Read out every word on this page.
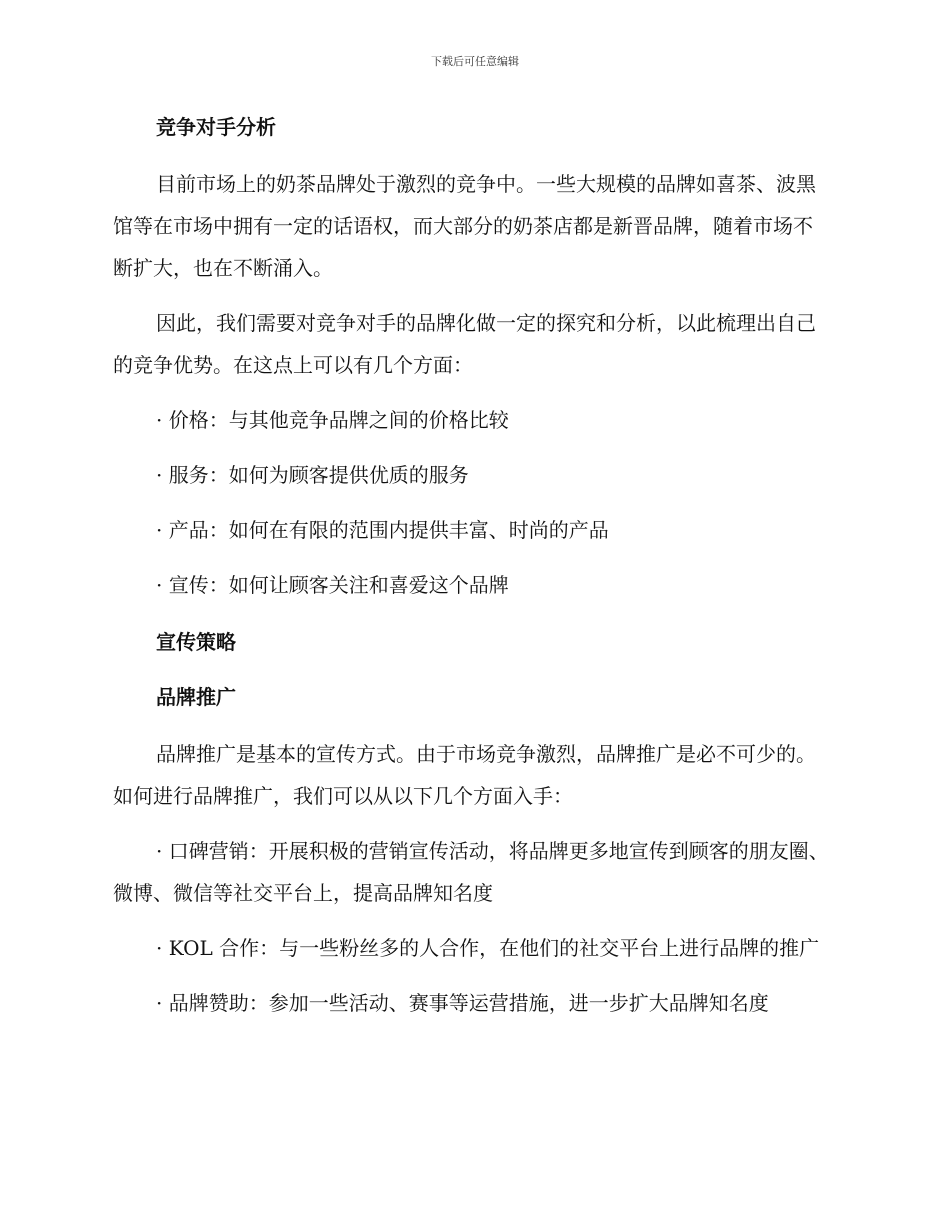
下载后可任意编辑
竞争对手分析

目前市场上的奶茶品牌处于激烈的竞争中。一些大规模的品牌如喜茶、波黑馆等在市场中拥有一定的话语权，而大部分的奶茶店都是新晋品牌，随着市场不断扩大，也在不断涌入。

因此，我们需要对竞争对手的品牌化做一定的探究和分析，以此梳理出自己的竞争优势。在这点上可以有几个方面：

· 价格：与其他竞争品牌之间的价格比较

· 服务：如何为顾客提供优质的服务

· 产品：如何在有限的范围内提供丰富、时尚的产品

· 宣传：如何让顾客关注和喜爱这个品牌

宣传策略
品牌推广

品牌推广是基本的宣传方式。由于市场竞争激烈，品牌推广是必不可少的。如何进行品牌推广，我们可以从以下几个方面入手：

· 口碑营销：开展积极的营销宣传活动，将品牌更多地宣传到顾客的朋友圈、微博、微信等社交平台上，提高品牌知名度

· KOL 合作：与一些粉丝多的人合作，在他们的社交平台上进行品牌的推广

· 品牌赞助：参加一些活动、赛事等运营措施，进一步扩大品牌知名度
